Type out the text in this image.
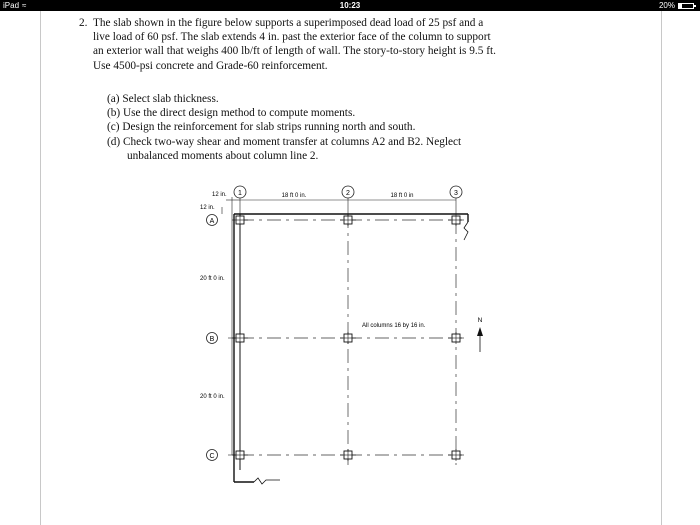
iPad ≈	10:23	20%
2. The slab shown in the figure below supports a superimposed dead load of 25 psf and a
live load of 60 psf. The slab extends 4 in. past the exterior face of the column to support
an exterior wall that weighs 400 lb/ft of length of wall. The story-to-story height is 9.5 ft.
Use 4500-psi concrete and Grade-60 reinforcement.
(a) Select slab thickness.
(b) Use the direct design method to compute moments.
(c) Design the reinforcement for slab strips running north and south.
(d) Check two-way shear and moment transfer at columns A2 and B2. Neglect
unbalanced moments about column line 2.
1	2	3
18 ft 0 in.	18 ft 0 in
12 in.
12 in.
A
B
C
20 ft 0 in.
20 ft 0 in.
All columns 16 by 16 in.
N
